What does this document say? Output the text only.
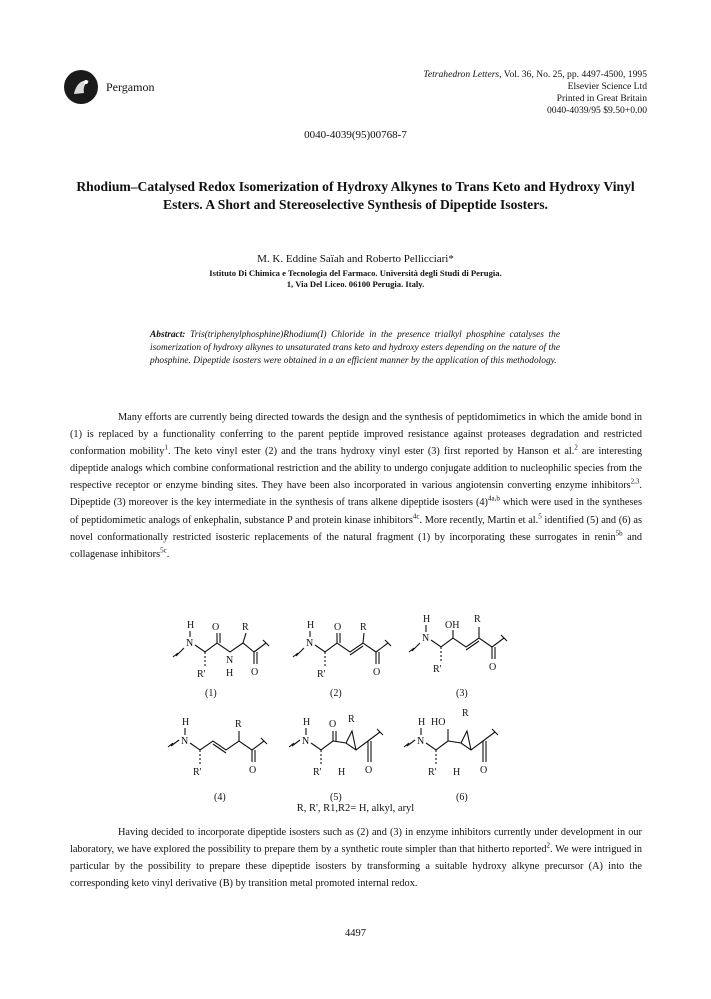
Pergamon
Tetrahedron Letters, Vol. 36, No. 25, pp. 4497-4500, 1995
Elsevier Science Ltd
Printed in Great Britain
0040-4039/95 $9.50+0.00
0040-4039(95)00768-7
Rhodium–Catalysed Redox Isomerization of Hydroxy Alkynes to Trans Keto and Hydroxy Vinyl Esters. A Short and Stereoselective Synthesis of Dipeptide Isosters.
M. K. Eddine Saïah and Roberto Pellicciari*
Istituto Di Chimica e Tecnologia del Farmaco. Università degli Studi di Perugia.
1, Via Del Liceo. 06100 Perugia. Italy.
Abstract: Tris(triphenylphosphine)Rhodium(I) Chloride in the presence trialkyl phosphine catalyses the isomerization of hydroxy alkynes to unsaturated trans keto and hydroxy esters depending on the nature of the phosphine. Dipeptide isosters were obtained in a an efficient manner by the application of this methodology.
Many efforts are currently being directed towards the design and the synthesis of peptidomimetics in which the amide bond in (1) is replaced by a functionality conferring to the parent peptide improved resistance against proteases degradation and restricted conformation mobility$^1$. The keto vinyl ester (2) and the trans hydroxy vinyl ester (3) first reported by Hanson et al.$^2$ are interesting dipeptide analogs which combine conformational restriction and the ability to undergo conjugate addition to nucleophilic species from the respective receptor or enzyme binding sites. They have been also incorporated in various angiotensin converting enzyme inhibitors$^{2,3}$. Dipeptide (3) moreover is the key intermediate in the synthesis of trans alkene dipeptide isosters $(4)^{4a,b}$ which were used in the syntheses of peptidomimetic analogs of enkephalin, substance P and protein kinase inhibitors$^{4c}$. More recently, Martin et al.$^5$ identified (5) and (6) as novel conformationally restricted isosteric replacements of the natural fragment (1) by incorporating these surrogates in renin$^{5b}$ and collagenase inhibitors$^{5c}$.
H
N
O R
R'
N
H O
H
N
O R
R'	O
H
N
OH
R
R'	O
(1)	(2)	(3)
H
N
R
R'	O
H
N
O R
R' H O
H HO
N
R
R' H O
(4)	(5)	(6)
R, R', R1,R2= H, alkyl, aryl
Having decided to incorporate dipeptide isosters such as (2) and (3) in enzyme inhibitors currently under development in our laboratory, we have explored the possibility to prepare them by a synthetic route simpler than that hitherto reported$^2$. We were intrigued in particular by the possibility to prepare these dipeptide isosters by transforming a suitable hydroxy alkyne precursor (A) into the corresponding keto vinyl derivative (B) by transition metal promoted internal redox.
4497
